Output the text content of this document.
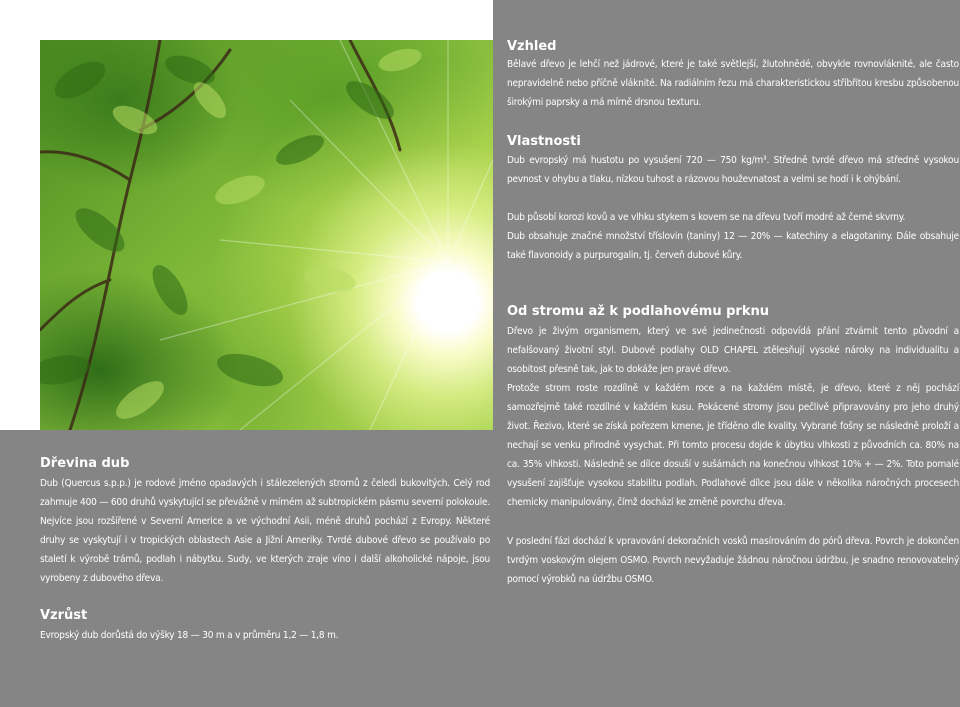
Vzhled

Bělavé dřevo je lehčí než jádrové, které je také světlejší, žlutohnědé, obvykle rovnovláknité, ale často nepravidelně nebo příčně vláknité. Na radiálním řezu má charakteristickou stříbřitou kresbu způsobenou širokými paprsky a má mírně drsnou texturu.

Vlastnosti

Dub evropský má hustotu po vysušení 720 — 750 kg/m³. Středně tvrdé dřevo má středně vysokou pevnost v ohybu a tlaku, nízkou tuhost a rázovou houževnatost a velmi se hodí i k ohýbání.

Dub působí korozi kovů a ve vlhku stykem s kovem se na dřevu tvoří modré až černé skvrny.

Dub obsahuje značné množství tříslovin (taniny) 12 — 20% — katechiny a elagotaniny. Dále obsahuje také flavonoidy a purpurogalin, tj. červeň dubové kůry.

Od stromu až k podlahovému prknu

Dřevo je živým organismem, který ve své jedinečnosti odpovídá přání ztvárnit tento původní a nefalšovaný životní styl. Dubové podlahy OLD CHAPEL ztělesňují vysoké nároky na individualitu a osobitost přesně tak, jak to dokáže jen pravé dřevo.

Protože strom roste rozdílně v každém roce a na každém místě, je dřevo, které z něj pochází samozřejmě také rozdílné v každém kusu. Pokácené stromy jsou pečlivě připravovány pro jeho druhý život. Řezivo, které se získá pořezem kmene, je tříděno dle kvality. Vybrané fošny se následně proloží a nechají se venku přirodně vysychat. Při tomto procesu dojde k úbytku vlhkosti z původních ca. 80% na ca. 35% vlhkosti. Následně se dílce dosuší v sušárnách na konečnou vlhkost 10% + — 2%. Toto pomalé vysušení zajišťuje vysokou stabilitu podlah. Podlahové dílce jsou dále v několika náročných procesech chemicky manipulovány, čímž dochází ke změně povrchu dřeva.

V poslední fázi dochází k vpravování dekoračních vosků masírováním do pórů dřeva. Povrch je dokončen tvrdým voskovým olejem OSMO. Povrch nevyžaduje žádnou náročnou údržbu, je snadno renovovatelný pomocí výrobků na údržbu OSMO.

Dřevina dub

Dub (Quercus s.p.p.) je rodové jméno opadavých i stálezelených stromů z čeledi bukovitých. Celý rod zahrnuje 400 — 600 druhů vyskytující se převážně v mírném až subtropickém pásmu severní polokoule. Nejvíce jsou rozšířené v Severní Americe a ve východní Asii, méně druhů pochází z Evropy. Některé druhy se vyskytují i v tropických oblastech Asie a Jižní Ameriky. Tvrdé dubové dřevo se používalo po staletí k výrobě trámů, podlah i nábytku. Sudy, ve kterých zraje víno i další alkoholické nápoje, jsou vyrobeny z dubového dřeva.

Vzrůst

Evropský dub dorůstá do výšky 18 — 30 m a v průměru 1,2 — 1,8 m.
